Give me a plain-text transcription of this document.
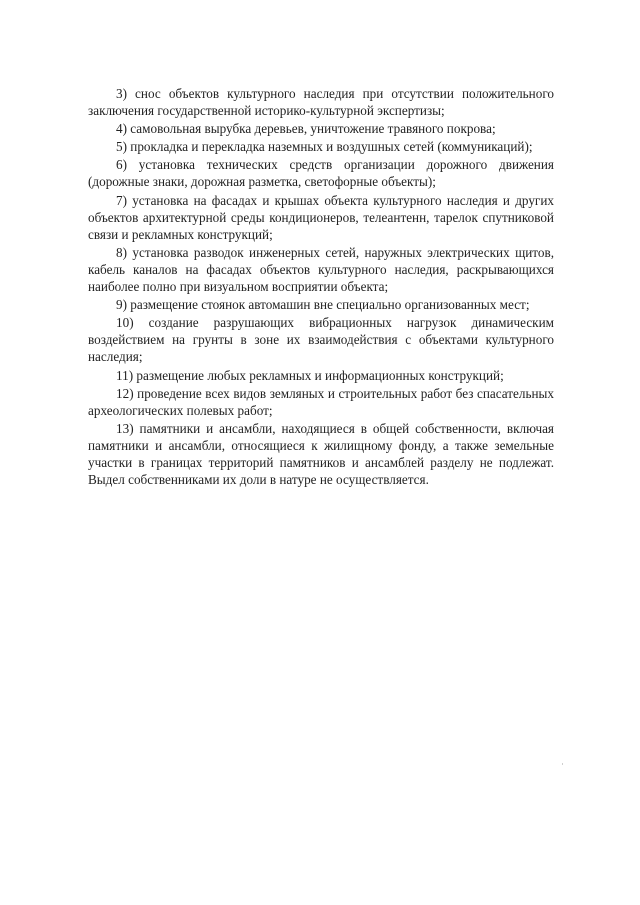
3) снос объектов культурного наследия при отсутствии положительного заключения государственной историко-культурной экспертизы;

4) самовольная вырубка деревьев, уничтожение травяного покрова;

5) прокладка и перекладка наземных и воздушных сетей (коммуникаций);

6) установка технических средств организации дорожного движения (дорожные знаки, дорожная разметка, светофорные объекты);

7) установка на фасадах и крышах объекта культурного наследия и других объектов архитектурной среды кондиционеров, телеантенн, тарелок спутниковой связи и рекламных конструкций;

8) установка разводок инженерных сетей, наружных электрических щитов, кабель каналов на фасадах объектов культурного наследия, раскрывающихся наиболее полно при визуальном восприятии объекта;

9) размещение стоянок автомашин вне специально организованных мест;

10) создание разрушающих вибрационных нагрузок динамическим воздействием на грунты в зоне их взаимодействия с объектами культурного наследия;

11) размещение любых рекламных и информационных конструкций;

12) проведение всех видов земляных и строительных работ без спасательных археологических полевых работ;

13) памятники и ансамбли, находящиеся в общей собственности, включая памятники и ансамбли, относящиеся к жилищному фонду, а также земельные участки в границах территорий памятников и ансамблей разделу не подлежат. Выдел собственниками их доли в натуре не осуществляется.
